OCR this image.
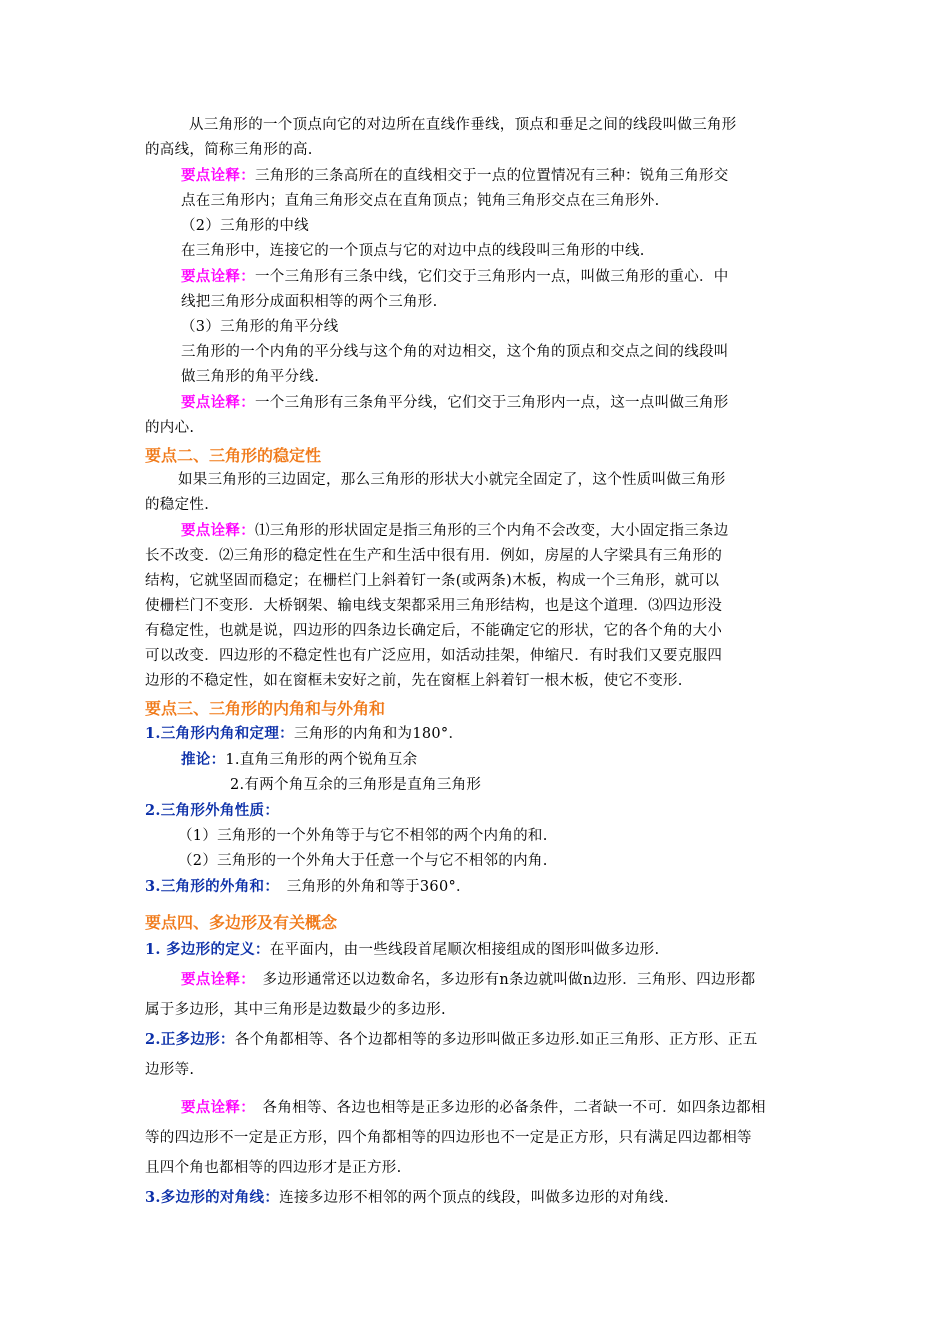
从三角形的一个顶点向它的对边所在直线作垂线，顶点和垂足之间的线段叫做三角形
的高线，简称三角形的高.
要点诠释：三角形的三条高所在的直线相交于一点的位置情况有三种：锐角三角形交
点在三角形内；直角三角形交点在直角顶点；钝角三角形交点在三角形外.
（2）三角形的中线
在三角形中，连接它的一个顶点与它的对边中点的线段叫三角形的中线.
要点诠释：一个三角形有三条中线，它们交于三角形内一点，叫做三角形的重心．中
线把三角形分成面积相等的两个三角形.
（3）三角形的角平分线
三角形的一个内角的平分线与这个角的对边相交，这个角的顶点和交点之间的线段叫
做三角形的角平分线.
要点诠释：一个三角形有三条角平分线，它们交于三角形内一点，这一点叫做三角形
的内心.
要点二、三角形的稳定性
如果三角形的三边固定，那么三角形的形状大小就完全固定了，这个性质叫做三角形
的稳定性.
要点诠释：⑴三角形的形状固定是指三角形的三个内角不会改变，大小固定指三条边
长不改变．⑵三角形的稳定性在生产和生活中很有用．例如，房屋的人字梁具有三角形的
结构，它就坚固而稳定；在栅栏门上斜着钉一条(或两条)木板，构成一个三角形，就可以
使栅栏门不变形．大桥钢架、输电线支架都采用三角形结构，也是这个道理．⑶四边形没
有稳定性，也就是说，四边形的四条边长确定后，不能确定它的形状，它的各个角的大小
可以改变．四边形的不稳定性也有广泛应用，如活动挂架，伸缩尺．有时我们又要克服四
边形的不稳定性，如在窗框未安好之前，先在窗框上斜着钉一根木板，使它不变形.
要点三、三角形的内角和与外角和
1.三角形内角和定理：三角形的内角和为180°．
推论：1.直角三角形的两个锐角互余
2.有两个角互余的三角形是直角三角形
2.三角形外角性质：
（1）三角形的一个外角等于与它不相邻的两个内角的和.
（2）三角形的一个外角大于任意一个与它不相邻的内角.
3.三角形的外角和：　三角形的外角和等于360°．
要点四、多边形及有关概念
1. 多边形的定义：在平面内，由一些线段首尾顺次相接组成的图形叫做多边形.
要点诠释：　多边形通常还以边数命名，多边形有n条边就叫做n边形．三角形、四边形都
属于多边形，其中三角形是边数最少的多边形.
2.正多边形：各个角都相等、各个边都相等的多边形叫做正多边形.如正三角形、正方形、正五
边形等.
要点诠释：　各角相等、各边也相等是正多边形的必备条件，二者缺一不可．如四条边都相
等的四边形不一定是正方形，四个角都相等的四边形也不一定是正方形，只有满足四边都相等
且四个角也都相等的四边形才是正方形.
3.多边形的对角线：连接多边形不相邻的两个顶点的线段，叫做多边形的对角线.
